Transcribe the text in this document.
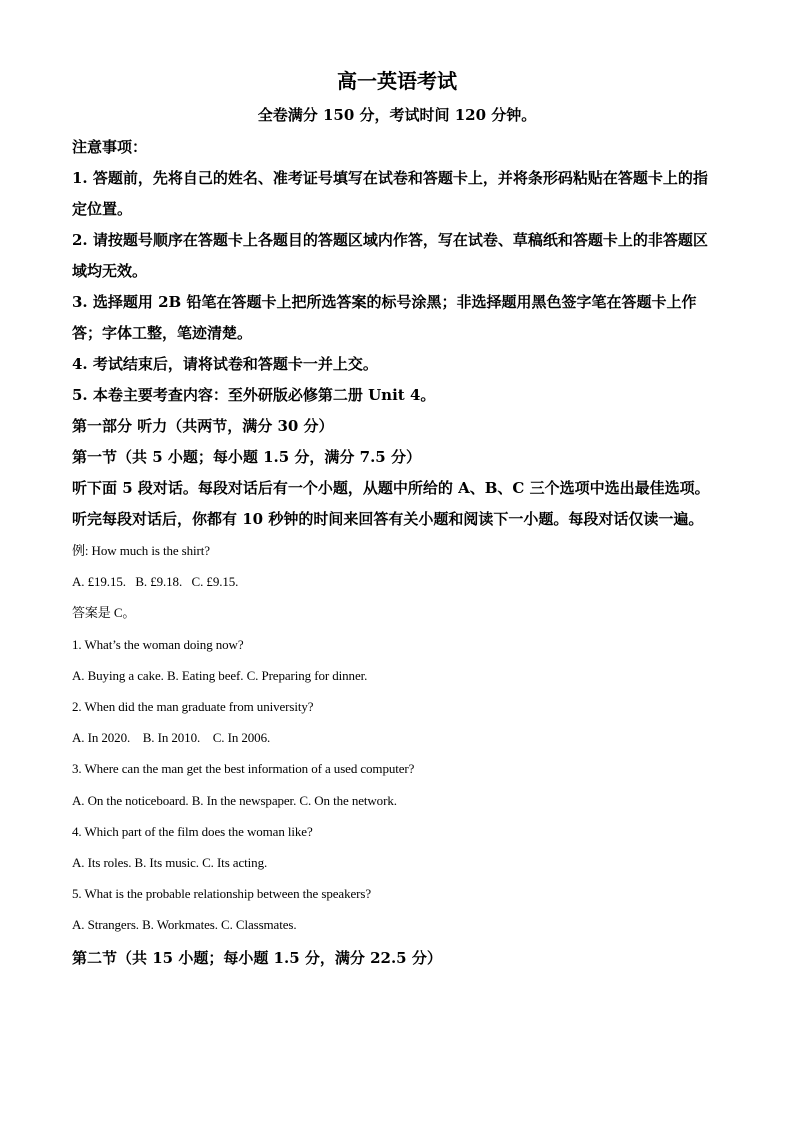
高一英语考试
全卷满分 150 分，考试时间 120 分钟。

注意事项：

1. 答题前，先将自己的姓名、准考证号填写在试卷和答题卡上，并将条形码粘贴在答题卡上的指定位置。

2. 请按题号顺序在答题卡上各题目的答题区域内作答，写在试卷、草稿纸和答题卡上的非答题区域均无效。

3. 选择题用 2B 铅笔在答题卡上把所选答案的标号涂黑；非选择题用黑色签字笔在答题卡上作答；字体工整，笔迹清楚。

4. 考试结束后，请将试卷和答题卡一并上交。

5. 本卷主要考查内容：至外研版必修第二册 Unit 4。

第一部分 听力（共两节，满分 30 分）

第一节（共 5 小题；每小题 1.5 分，满分 7.5 分）

听下面 5 段对话。每段对话后有一个小题，从题中所给的 A、B、C 三个选项中选出最佳选项。听完每段对话后，你都有 10 秒钟的时间来回答有关小题和阅读下一小题。每段对话仅读一遍。

例: How much is the shirt?

A. £19.15.   B. £9.18.   C. £9.15.

答案是 C。

1. What’s the woman doing now?

A. Buying a cake. B. Eating beef. C. Preparing for dinner.

2. When did the man graduate from university?

A. In 2020.    B. In 2010.    C. In 2006.

3. Where can the man get the best information of a used computer?

A. On the noticeboard. B. In the newspaper. C. On the network.

4. Which part of the film does the woman like?

A. Its roles. B. Its music. C. Its acting.

5. What is the probable relationship between the speakers?

A. Strangers. B. Workmates. C. Classmates.

第二节（共 15 小题；每小题 1.5 分，满分 22.5 分）
